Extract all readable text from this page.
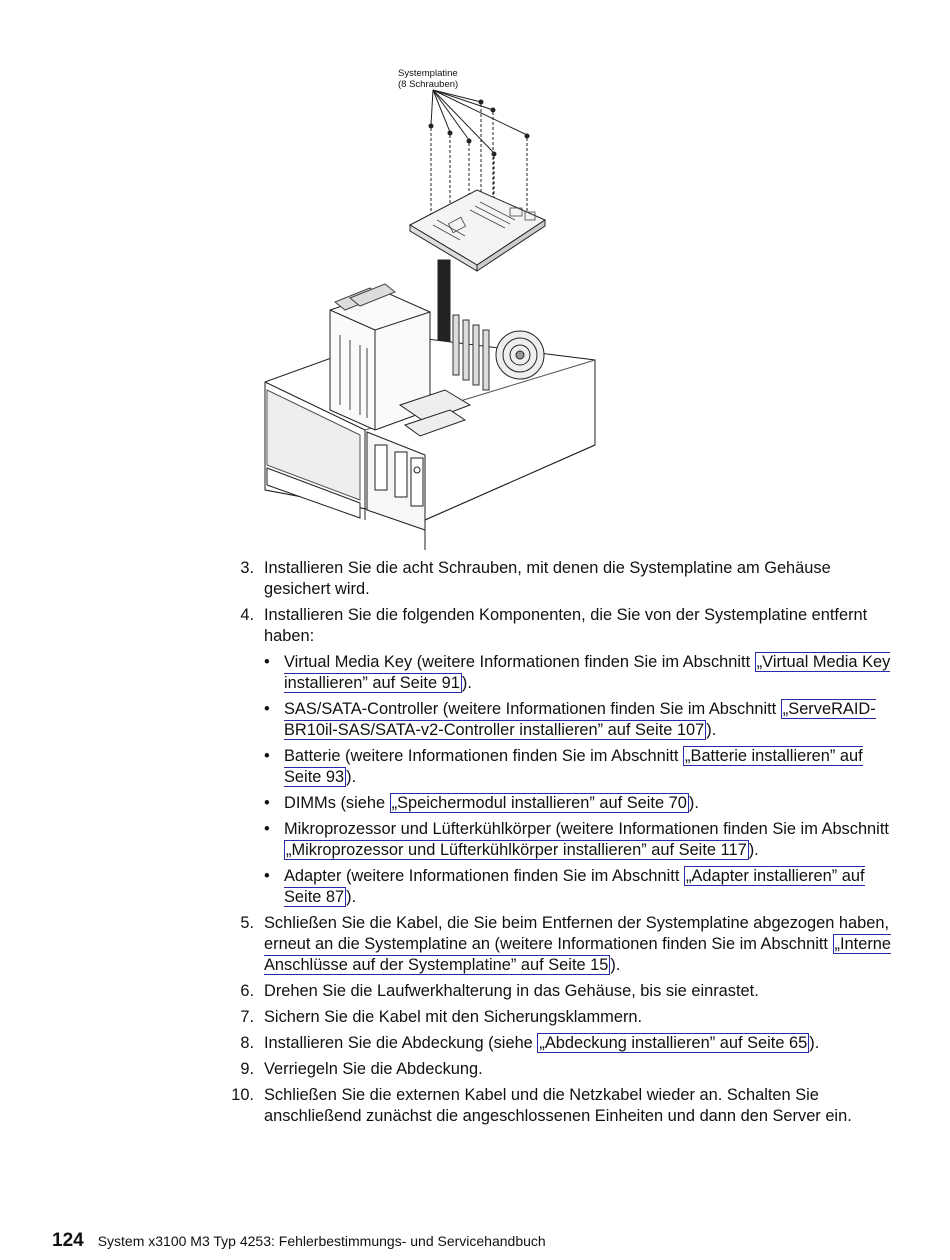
Systemplatine
(8 Schrauben)
3. Installieren Sie die acht Schrauben, mit denen die Systemplatine am Gehäuse gesichert wird.
4. Installieren Sie die folgenden Komponenten, die Sie von der Systemplatine entfernt haben:
• Virtual Media Key (weitere Informationen finden Sie im Abschnitt „Virtual Media Key installieren” auf Seite 91 ).
• SAS/SATA-Controller (weitere Informationen finden Sie im Abschnitt „ServeRAID-BR10il-SAS/SATA-v2-Controller installieren” auf Seite 107 ).
• Batterie (weitere Informationen finden Sie im Abschnitt „Batterie installieren” auf Seite 93 ).
• DIMMs (siehe „Speichermodul installieren” auf Seite 70 ).
• Mikroprozessor und Lüfterkühlkörper (weitere Informationen finden Sie im Abschnitt „Mikroprozessor und Lüfterkühlkörper installieren” auf Seite 117 ).
• Adapter (weitere Informationen finden Sie im Abschnitt „Adapter installieren” auf Seite 87 ).
5. Schließen Sie die Kabel, die Sie beim Entfernen der Systemplatine abgezogen haben, erneut an die Systemplatine an (weitere Informationen finden Sie im Abschnitt „Interne Anschlüsse auf der Systemplatine” auf Seite 15 ).
6. Drehen Sie die Laufwerkhalterung in das Gehäuse, bis sie einrastet.
7. Sichern Sie die Kabel mit den Sicherungsklammern.
8. Installieren Sie die Abdeckung (siehe „Abdeckung installieren” auf Seite 65 ).
9. Verriegeln Sie die Abdeckung.
10. Schließen Sie die externen Kabel und die Netzkabel wieder an. Schalten Sie anschließend zunächst die angeschlossenen Einheiten und dann den Server ein.
124 System x3100 M3 Typ 4253: Fehlerbestimmungs- und Servicehandbuch
